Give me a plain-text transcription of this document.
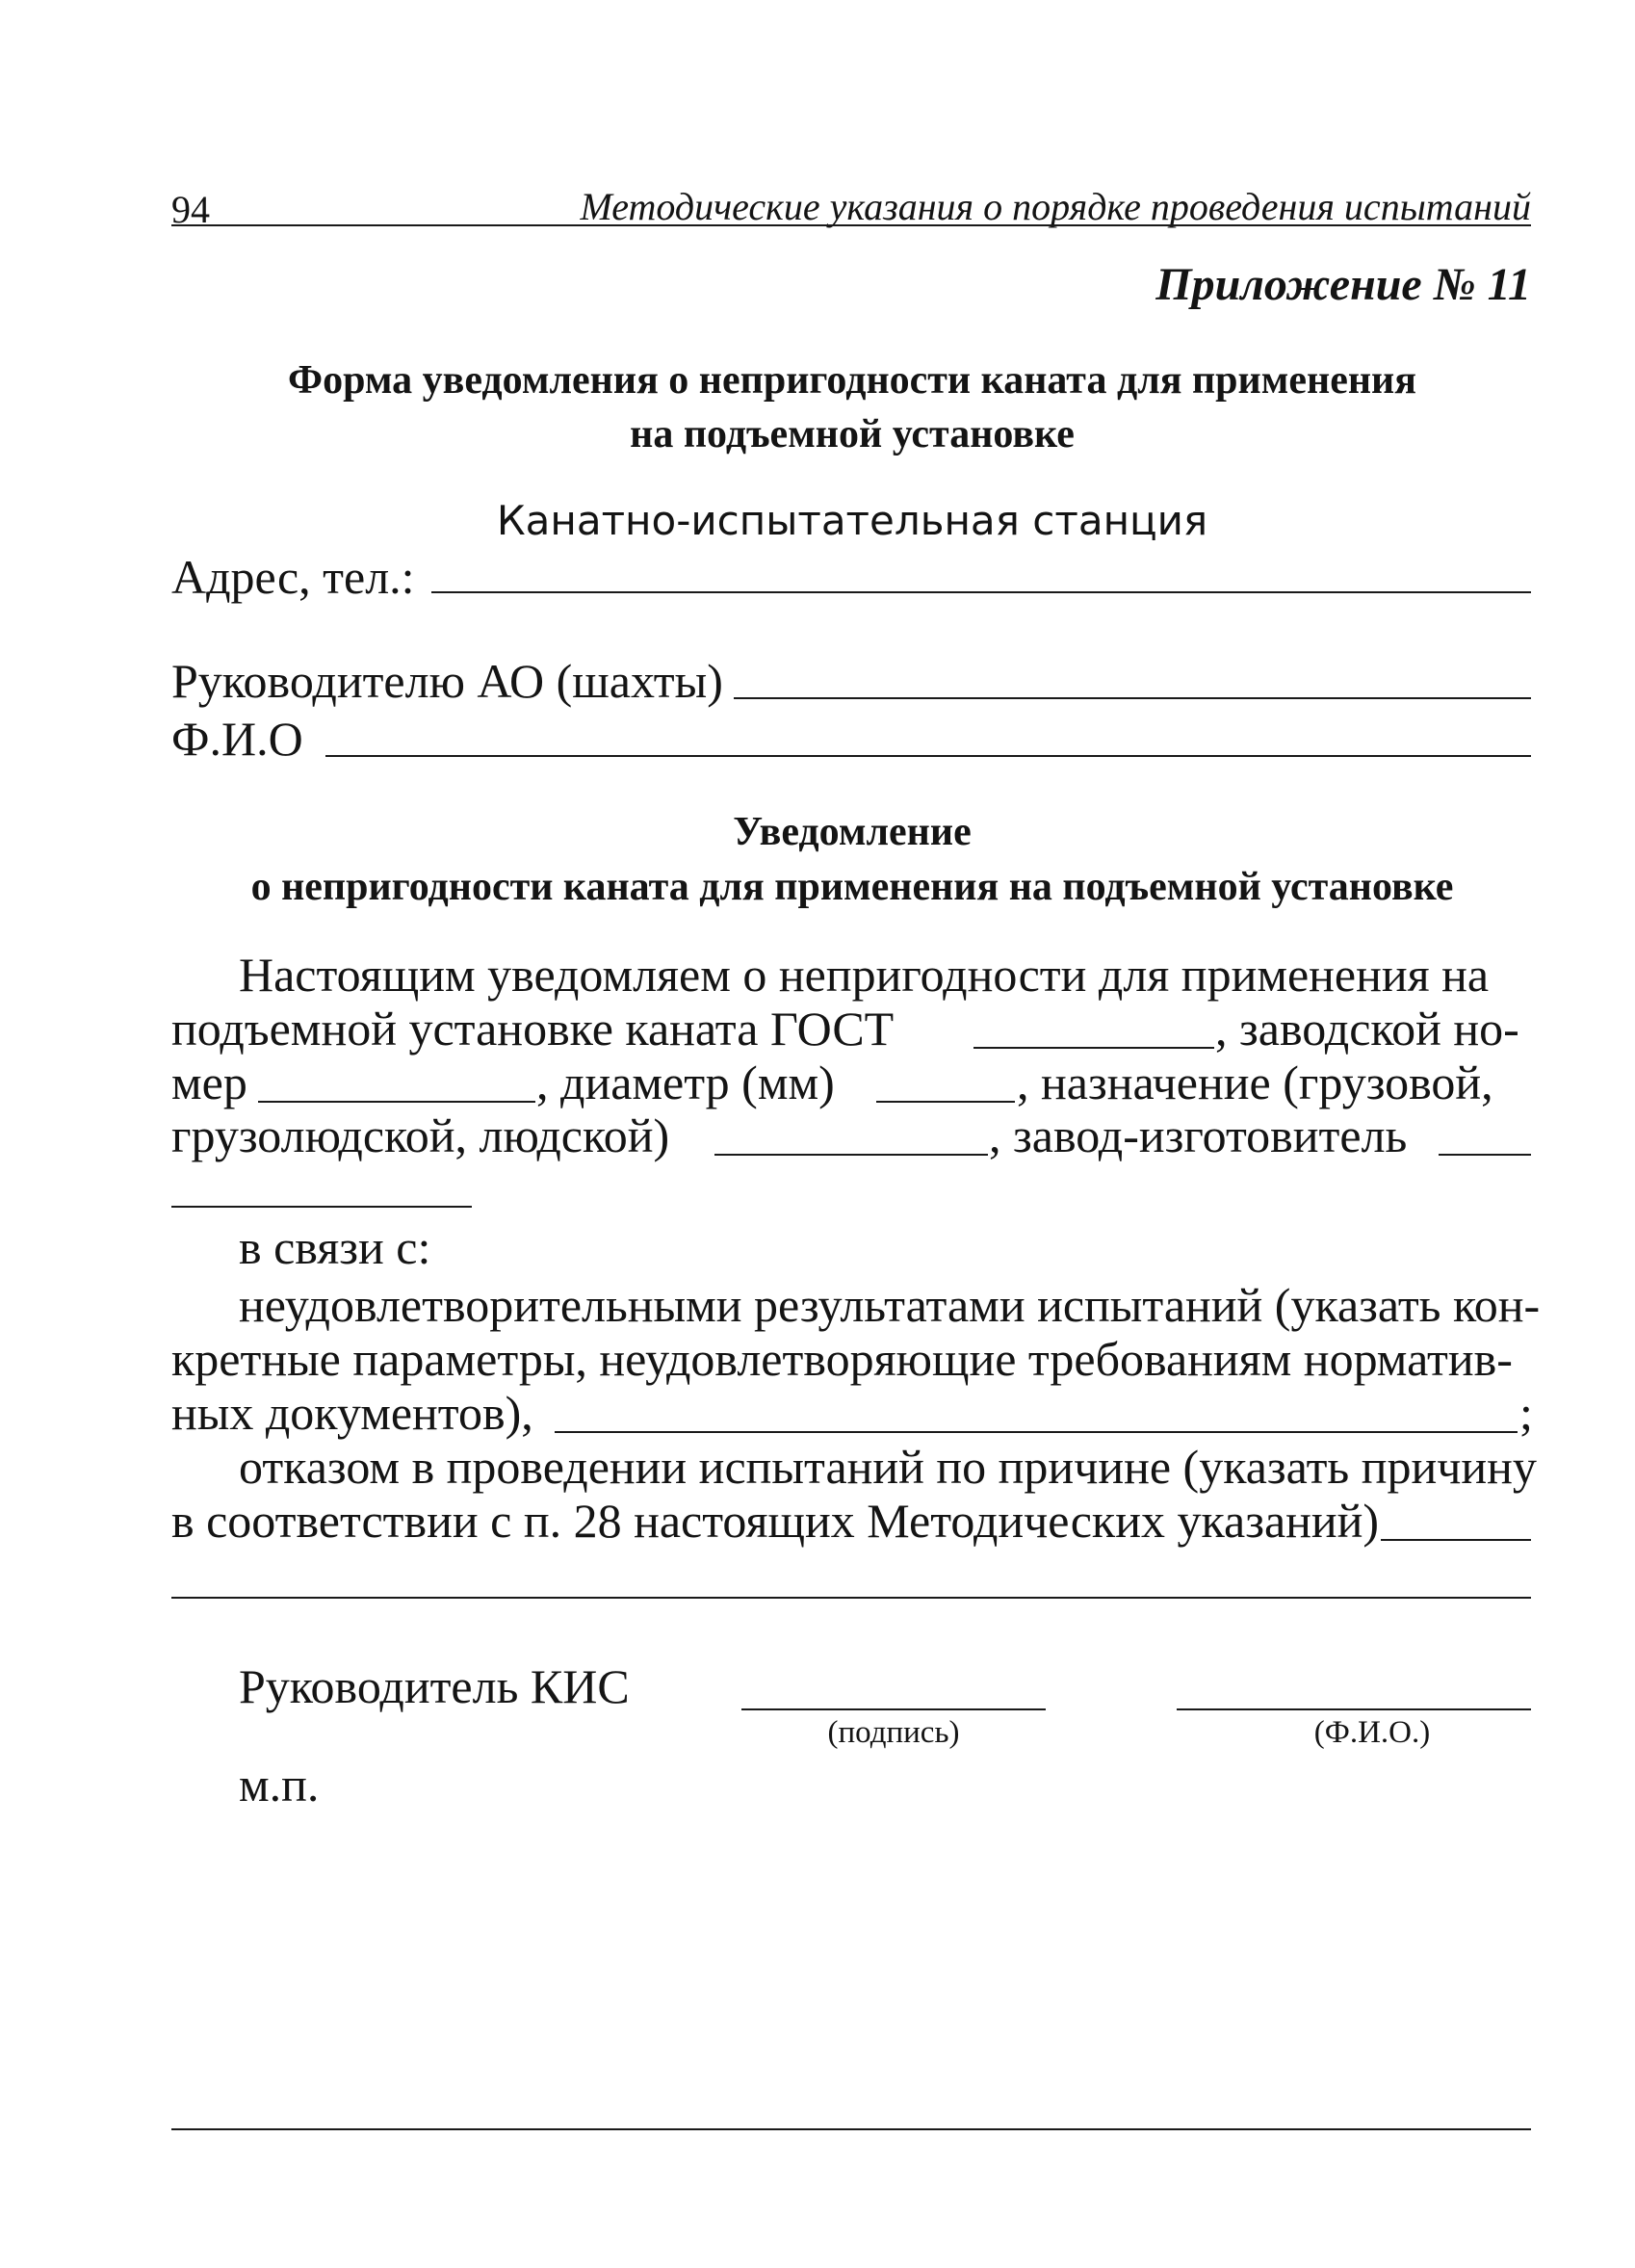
94	Методические указания о порядке проведения испытаний
Приложение № 11
Форма уведомления о непригодности каната для применения
на подъемной установке
Канатно-испытательная станция
Адрес, тел.:
Руководителю АО (шахты)
Ф.И.О
Уведомление
о непригодности каната для применения на подъемной установке
Настоящим уведомляем о непригодности для применения на
подъемной установке каната ГОСТ	, заводской но-
мер	, диаметр (мм)	, назначение (грузовой,
грузолюдской, людской)	, завод-изготовитель
в связи с:
неудовлетворительными результатами испытаний (указать кон-
кретные параметры, неудовлетворяющие требованиям норматив-
ных документов),	;
отказом в проведении испытаний по причине (указать причину
в соответствии с п. 28 настоящих Методических указаний)
Руководитель КИС
(подпись)	(Ф.И.О.)
м.п.
